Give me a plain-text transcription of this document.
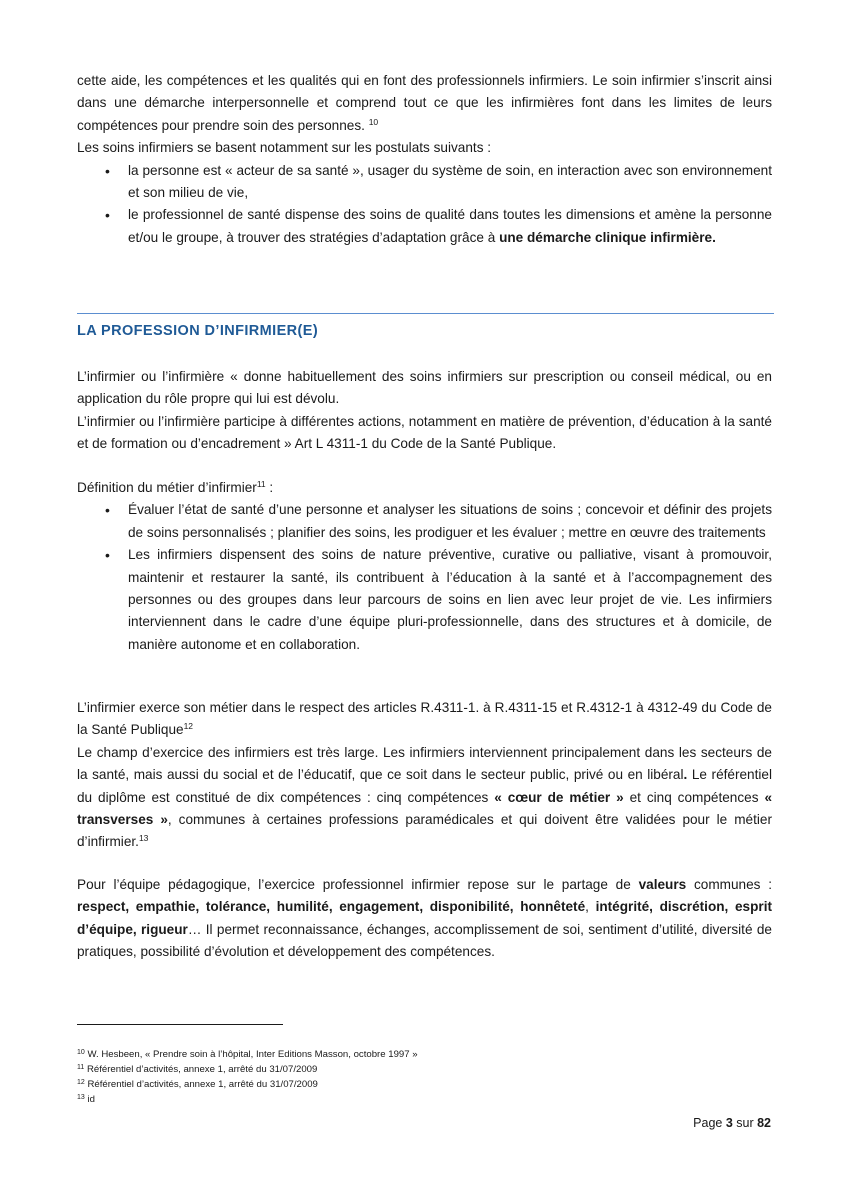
cette aide, les compétences et les qualités qui en font des professionnels infirmiers. Le soin infirmier s’inscrit ainsi dans une démarche interpersonnelle et comprend tout ce que les infirmières font dans les limites de leurs compétences pour prendre soin des personnes. $^{10}$

Les soins infirmiers se basent notamment sur les postulats suivants :

• la personne est « acteur de sa santé », usager du système de soin, en interaction avec son environnement et son milieu de vie,
• le professionnel de santé dispense des soins de qualité dans toutes les dimensions et amène la personne et/ou le groupe, à trouver des stratégies d’adaptation grâce à une démarche clinique infirmière.
LA PROFESSION D’INFIRMIER(E)

L’infirmier ou l’infirmière « donne habituellement des soins infirmiers sur prescription ou conseil médical, ou en application du rôle propre qui lui est dévolu.

L’infirmier ou l’infirmière participe à différentes actions, notamment en matière de prévention, d’éducation à la santé et de formation ou d’encadrement » Art L 4311-1 du Code de la Santé Publique.

Définition du métier d’infirmier$^{11}$ :

• Évaluer l’état de santé d’une personne et analyser les situations de soins ; concevoir et définir des projets de soins personnalisés ; planifier des soins, les prodiguer et les évaluer ; mettre en œuvre des traitements
• Les infirmiers dispensent des soins de nature préventive, curative ou palliative, visant à promouvoir, maintenir et restaurer la santé, ils contribuent à l’éducation à la santé et à l’accompagnement des personnes ou des groupes dans leur parcours de soins en lien avec leur projet de vie. Les infirmiers interviennent dans le cadre d’une équipe pluri-professionnelle, dans des structures et à domicile, de manière autonome et en collaboration.

L’infirmier exerce son métier dans le respect des articles R.4311-1. à R.4311-15 et R.4312-1 à 4312-49 du Code de la Santé Publique$^{12}$

Le champ d’exercice des infirmiers est très large. Les infirmiers interviennent principalement dans les secteurs de la santé, mais aussi du social et de l’éducatif, que ce soit dans le secteur public, privé ou en libéral. Le référentiel du diplôme est constitué de dix compétences : cinq compétences « cœur de métier » et cinq compétences « transverses », communes à certaines professions paramédicales et qui doivent être validées pour le métier d’infirmier.$^{13}$

Pour l’équipe pédagogique, l’exercice professionnel infirmier repose sur le partage de valeurs communes : respect, empathie, tolérance, humilité, engagement, disponibilité, honnêteté, intégrité, discrétion, esprit d’équipe, rigueur… Il permet reconnaissance, échanges, accomplissement de soi, sentiment d’utilité, diversité de pratiques, possibilité d’évolution et développement des compétences.

$^{10}$ W. Hesbeen, « Prendre soin à l’hôpital, Inter Editions Masson, octobre 1997 »

$^{11}$ Référentiel d’activités, annexe 1, arrêté du 31/07/2009

$^{12}$ Référentiel d’activités, annexe 1, arrêté du 31/07/2009

$^{13}$ id

Page 3 sur 82
